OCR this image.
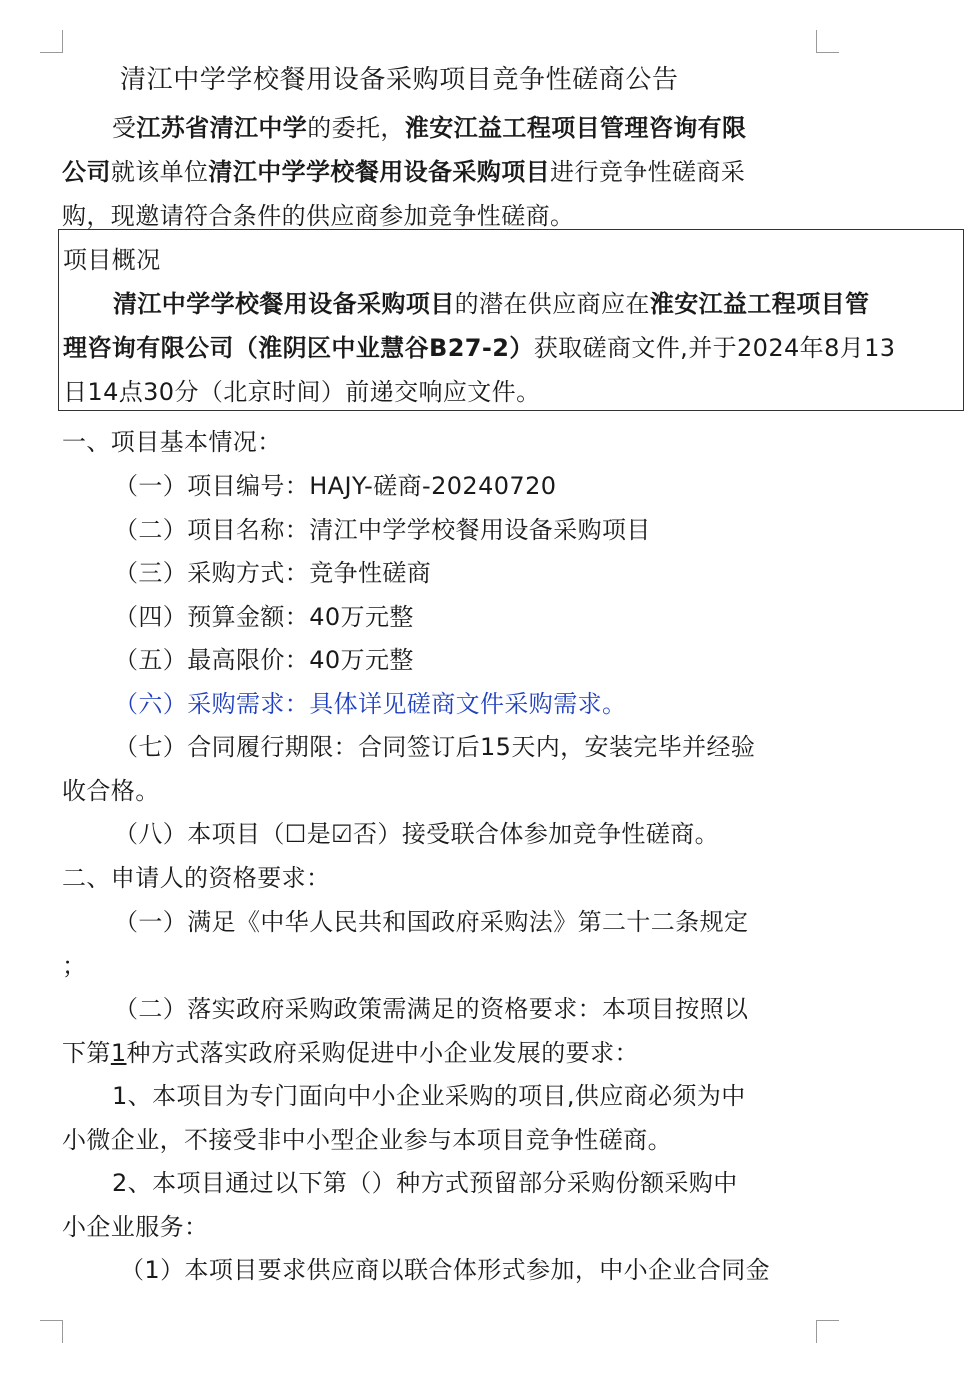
清江中学学校餐用设备采购项目竞争性磋商公告
受江苏省清江中学的委托，淮安江益工程项目管理咨询有限
公司就该单位清江中学学校餐用设备采购项目进行竞争性磋商采
购，现邀请符合条件的供应商参加竞争性磋商。
项目概况
清江中学学校餐用设备采购项目的潜在供应商应在淮安江益工程项目管
理咨询有限公司（淮阴区中业慧谷B27-2）获取磋商文件,并于2024年8月13
日14点30分（北京时间）前递交响应文件。
一、项目基本情况：
（一）项目编号：HAJY-磋商-20240720
（二）项目名称：清江中学学校餐用设备采购项目
（三）采购方式：竞争性磋商
（四）预算金额：40万元整
（五）最高限价：40万元整
（六）采购需求：具体详见磋商文件采购需求。
（七）合同履行期限：合同签订后15天内，安装完毕并经验
收合格。
（八）本项目（☐是☑否）接受联合体参加竞争性磋商。
二、申请人的资格要求：
（一）满足《中华人民共和国政府采购法》第二十二条规定
；
（二）落实政府采购政策需满足的资格要求：本项目按照以
下第1种方式落实政府采购促进中小企业发展的要求：
1、本项目为专门面向中小企业采购的项目,供应商必须为中
小微企业，不接受非中小型企业参与本项目竞争性磋商。
2、本项目通过以下第（）种方式预留部分采购份额采购中
小企业服务：
（1）本项目要求供应商以联合体形式参加，中小企业合同金
